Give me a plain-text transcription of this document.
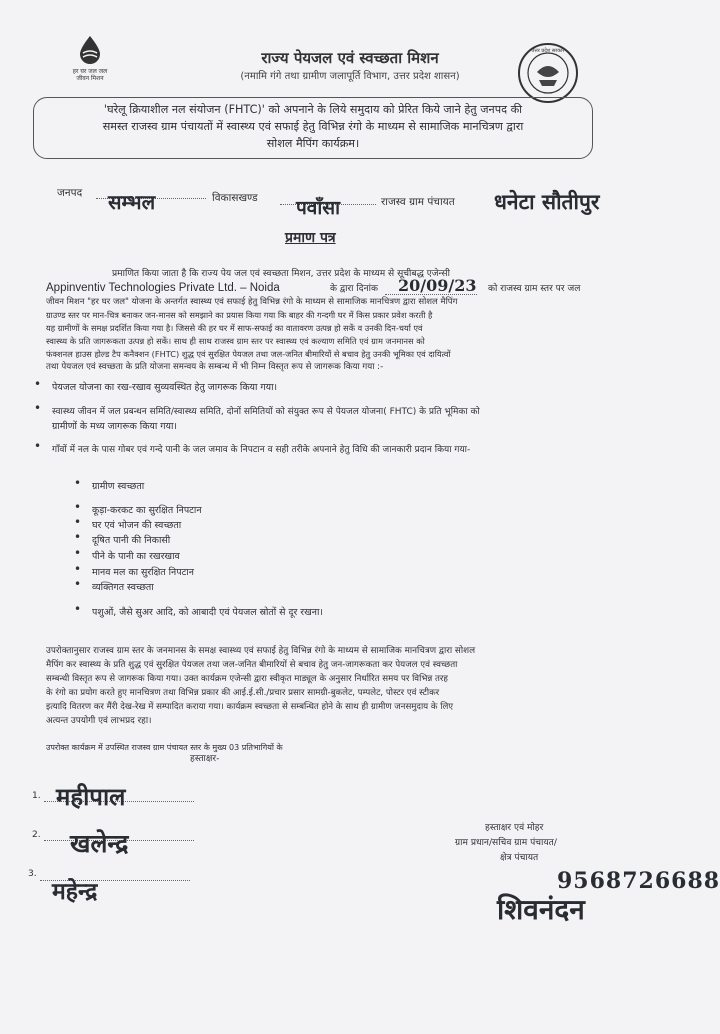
हर घर जल जल जीवन मिशन
राज्य पेयजल एवं स्वच्छता मिशन
(नमामि गंगे तथा ग्रामीण जलापूर्ति विभाग, उत्तर प्रदेश शासन)
उत्तर प्रदेश सरकार
'घरेलू क्रियाशील नल संयोजन (FHTC)' को अपनाने के लिये समुदाय को प्रेरित किये जाने हेतु जनपद की
समस्त राजस्व ग्राम पंचायतों में स्वास्थ्य एवं सफाई हेतु विभिन्न रंगो के माध्यम से सामाजिक मानचित्रण द्वारा
सोशल मैपिंग कार्यक्रम।
जनपद सम्भल	विकासखण्ड पवाँसा	राजस्व ग्राम पंचायत धनेटा सौतीपुर
प्रमाण पत्र
प्रमाणित किया जाता है कि राज्य पेय जल एवं स्वच्छता मिशन, उत्तर प्रदेश के माध्यम से सूचीबद्ध एजेन्सी
Appinventiv Technologies Private Ltd. – Noida	के द्वारा दिनांक 20/09/23 को राजस्व ग्राम स्तर पर जल
जीवन मिशन "हर घर जल" योजना के अन्तर्गत स्वास्थ्य एवं सफाई हेतु विभिन्न रंगो के माध्यम से सामाजिक मानचित्रण द्वारा सोशल मैपिंग
ग्राउण्ड स्तर पर मान-चित्र बनाकर जन-मानस को समझाने का प्रयास किया गया कि बाहर की गन्दगी घर में किस प्रकार प्रवेश करती है
यह ग्रामीणों के समक्ष प्रदर्शित किया गया है। जिससे की हर घर में साफ-सफाई का वातावरण उत्पन्न हो सकें व उनकी दिन-चर्या एवं
स्वास्थ्य के प्रति जागरूकता उत्पन्न हो सकें। साथ ही साथ राजस्व ग्राम स्तर पर स्वास्थ्य एवं कल्याण समिति एवं ग्राम जनमानस को
फंक्शनल हाउस होल्ड टैप कनैक्शन (FHTC) शुद्ध एवं सुरक्षित पेयजल तथा जल-जनित बीमारियों से बचाव हेतु उनकी भूमिका एवं दायित्वों
तथा पेयजल एवं स्वच्छता के प्रति योजना समन्वय के सम्बन्ध में भी निम्न विस्तृत रूप से जागरूक किया गया :-
• पेयजल योजना का रख-रखाव सुव्यवस्थित हेतु जागरूक किया गया।
• स्वास्थ्य जीवन में जल प्रबन्धन समिति/स्वास्थ्य समिति, दोनों समितियों को संयुक्त रूप से पेयजल योजना( FHTC) के प्रति भूमिका को
ग्रामीणों के मध्य जागरूक किया गया।
• गाँवों में नल के पास गोबर एवं गन्दे पानी के जल जमाव के निपटान व सही तरीके अपनाने हेतु विधि की जानकारी प्रदान किया गया-
• ग्रामीण स्वच्छता
• कूड़ा-करकट का सुरक्षित निपटान
• घर एवं भोजन की स्वच्छता
• दूषित पानी की निकासी
• पीने के पानी का रखरखाव
• मानव मल का सुरक्षित निपटान
• व्यक्तिगत स्वच्छता
• पशुओं, जैसे सुअर आदि, को आबादी एवं पेयजल स्रोतों से दूर रखना।
उपरोक्तानुसार राजस्व ग्राम स्तर के जनमानस के समक्ष स्वास्थ्य एवं सफाई हेतु विभिन्न रंगो के माध्यम से सामाजिक मानचित्रण द्वारा सोशल
मैपिंग कर स्वास्थ्य के प्रति शुद्ध एवं सुरक्षित पेयजल तथा जल-जनित बीमारियों से बचाव हेतु जन-जागरूकता कर पेयजल एवं स्वच्छता
सम्बन्धी विस्तृत रूप से जागरूक किया गया। उक्त कार्यक्रम एजेन्सी द्वारा स्वीकृत माड्यूल के अनुसार निर्धारित समय पर विभिन्न तरह
के रंगो का प्रयोग करते हुए मानचित्रण तथा विभिन्न प्रकार की आई.ई.सी./प्रचार प्रसार सामग्री-बुकलेट, पम्पलेट, पोस्टर एवं स्टीकर
इत्यादि वितरण कर मैंरी देख-रेख में सम्पादित कराया गया। कार्यक्रम स्वच्छता से सम्बन्धित होने के साथ ही ग्रामीण जनसमुदाय के लिए
अत्यन्त उपयोगी एवं लाभप्रद रहा।
उपरोक्त कार्यक्रम में उपस्थित राजस्व ग्राम पंचायत स्तर के मुख्य 03 प्रतिभागियों के
हस्ताक्षर-
1. महीपाल
2. खलेन्द्र
3.
महेन्द्र
हस्ताक्षर एवं मोहर
ग्राम प्रधान/सचिव ग्राम पंचायत/
क्षेत्र पंचायत
9568726688
शिवनंदन
